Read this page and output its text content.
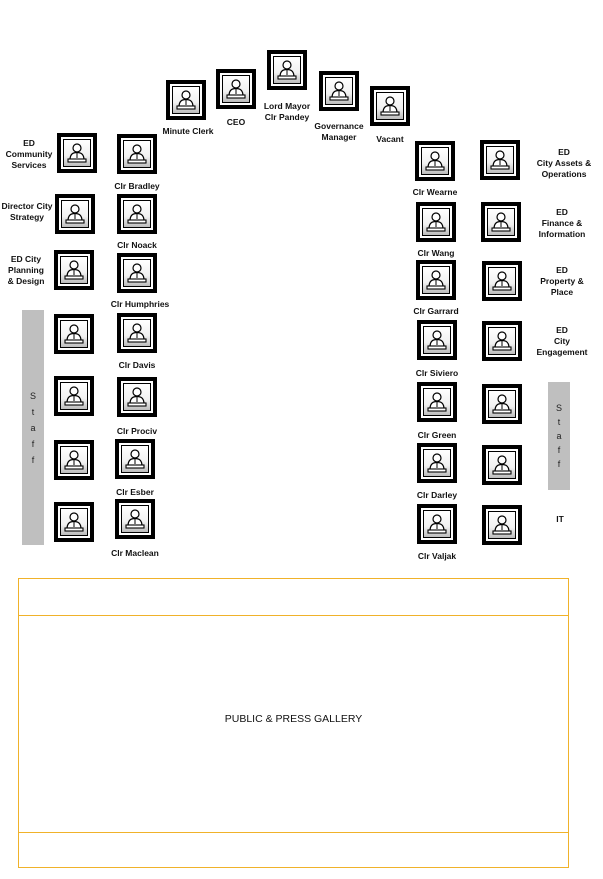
Minute Clerk
CEO
Lord Mayor
Clr Pandey
Governance
Manager	Vacant
ED
Community
Services
Director City
Strategy
ED City
Planning
& Design
S
t
a
f
f
Clr Bradley
Clr Noack
Clr Humphries
Clr Davis
Clr Prociv
Clr Esber
Clr Maclean
Clr Wearne
Clr Wang
Clr Garrard
Clr Siviero
Clr Green
Clr Darley
Clr Valjak
ED
City Assets &
Operations
ED
Finance &
Information
ED
Property &
Place
ED
City
Engagement
IT
S
t
a
f
f
PUBLIC & PRESS GALLERY
